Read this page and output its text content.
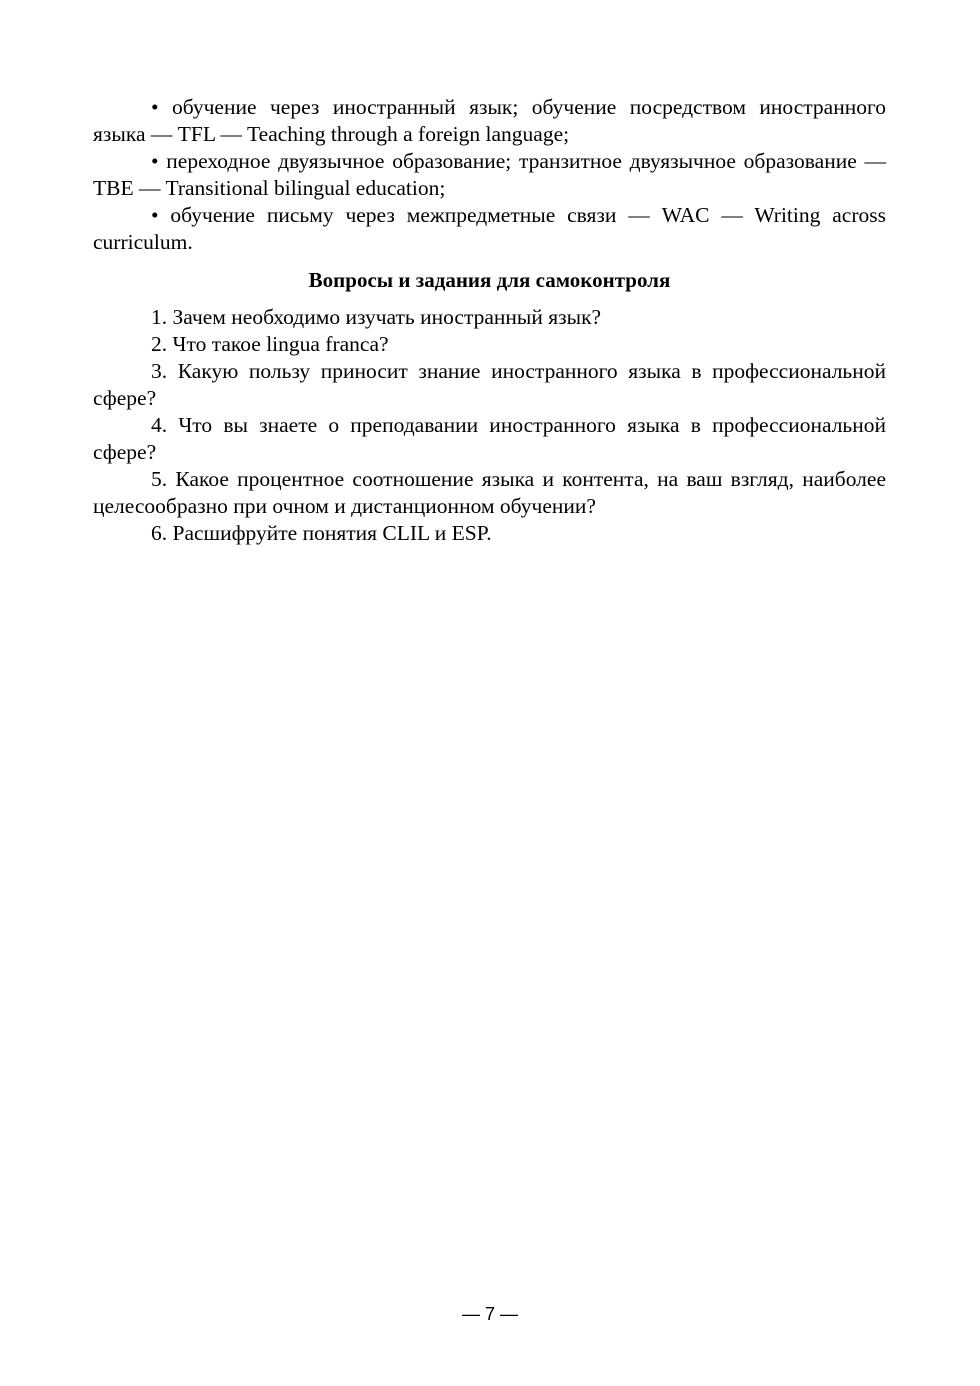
• обучение через иностранный язык; обучение посредством иностранного языка — TFL — Teaching through a foreign language;

• переходное двуязычное образование; транзитное двуязычное образование — TBE — Transitional bilingual education;

• обучение письму через межпредметные связи — WAC — Writing across curriculum.

Вопросы и задания для самоконтроля

1. Зачем необходимо изучать иностранный язык?

2. Что такое lingua franca?

3. Какую пользу приносит знание иностранного языка в профессиональной сфере?

4. Что вы знаете о преподавании иностранного языка в профессиональной сфере?

5. Какое процентное соотношение языка и контента, на ваш взгляд, наиболее целесообразно при очном и дистанционном обучении?

6. Расшифруйте понятия CLIL и ESP.

— 7 —
